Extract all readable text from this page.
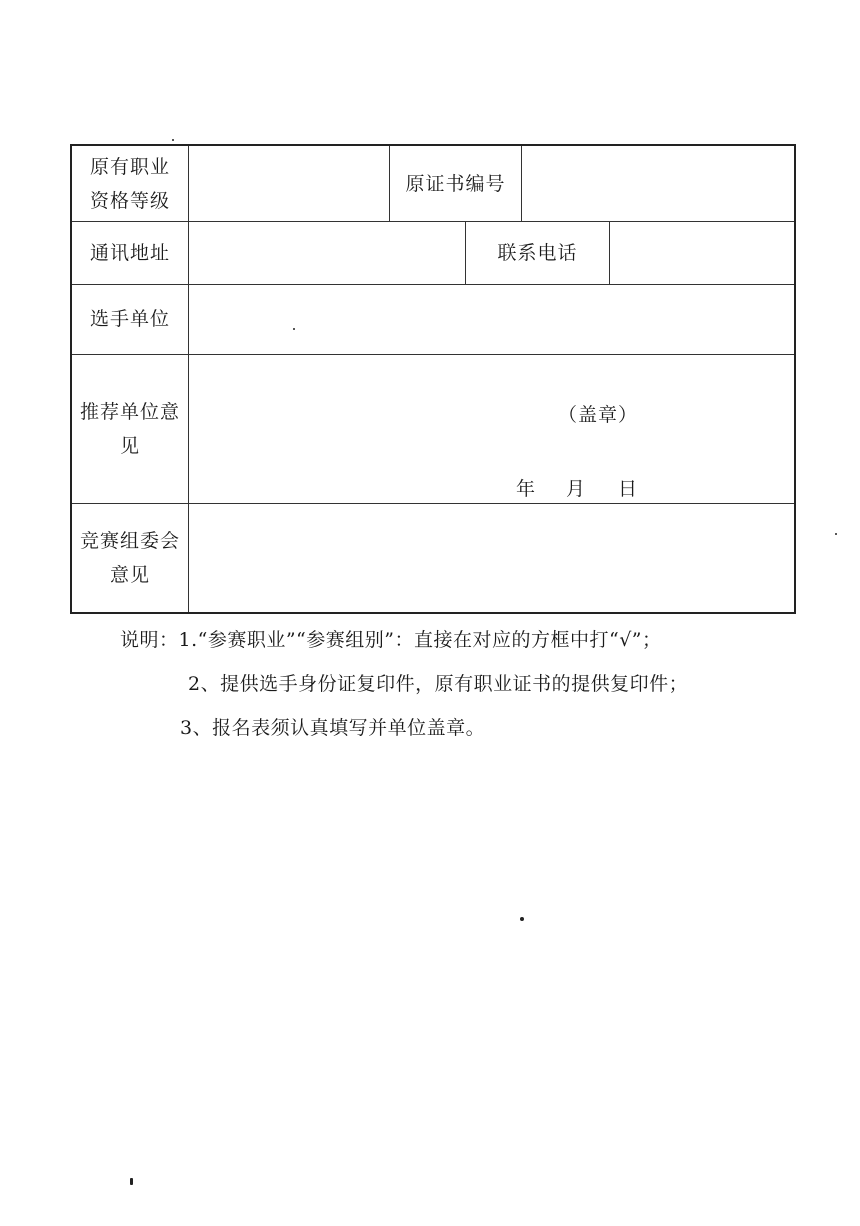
原有职业
资格等级
原证书编号
通讯地址	联系电话
选手单位
推荐单位意
见
（盖章）
年 月 日
竞赛组委会
意见
说明：1.“参赛职业”“参赛组别”：直接在对应的方框中打“√”；
2、提供选手身份证复印件，原有职业证书的提供复印件；
3、报名表须认真填写并单位盖章。
